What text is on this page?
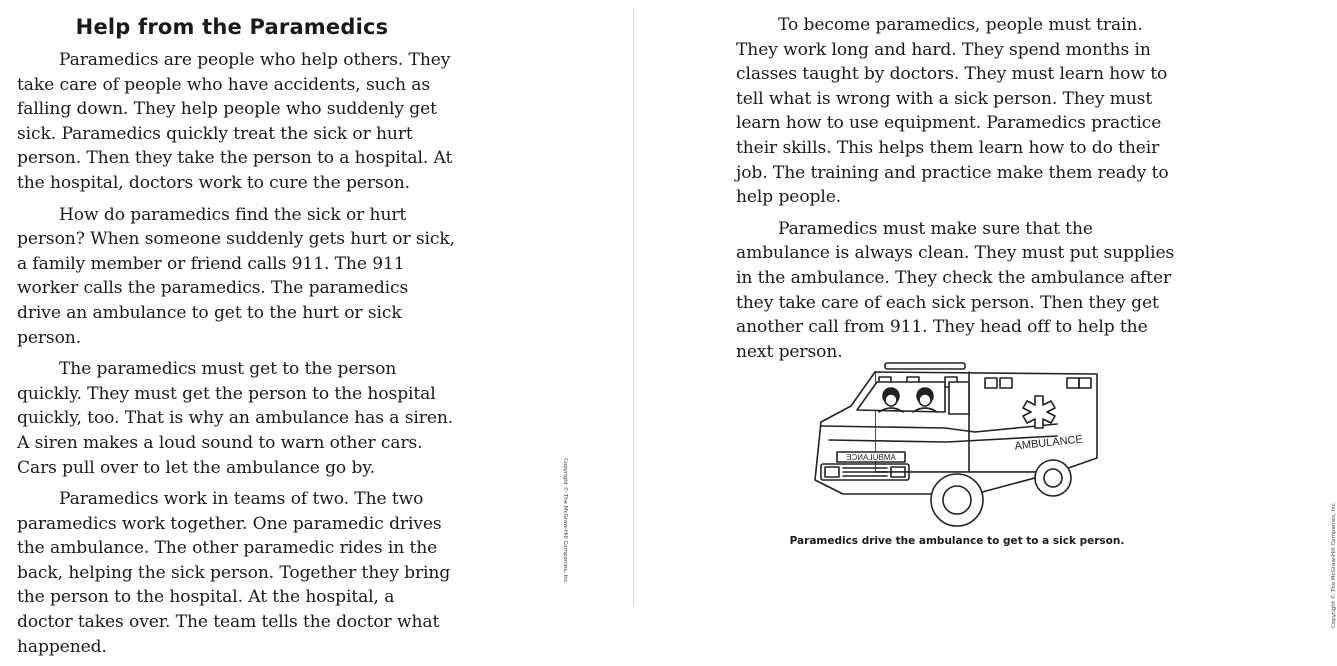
Help from the Paramedics

Paramedics are people who help others. They take care of people who have accidents, such as falling down. They help people who suddenly get sick. Paramedics quickly treat the sick or hurt person. Then they take the person to a hospital. At the hospital, doctors work to cure the person.

How do paramedics find the sick or hurt person? When someone suddenly gets hurt or sick, a family member or friend calls 911. The 911 worker calls the paramedics. The paramedics drive an ambulance to get to the hurt or sick person.

The paramedics must get to the person quickly. They must get the person to the hospital quickly, too. That is why an ambulance has a siren. A siren makes a loud sound to warn other cars. Cars pull over to let the ambulance go by.

Paramedics work in teams of two. The two paramedics work together. One paramedic drives the ambulance. The other paramedic rides in the back, helping the sick person. Together they bring the person to the hospital. At the hospital, a doctor takes over. The team tells the doctor what happened.

Copyright © The McGraw-Hill Companies, Inc.

To become paramedics, people must train. They work long and hard. They spend months in classes taught by doctors. They must learn how to tell what is wrong with a sick person. They must learn how to use equipment. Paramedics practice their skills. This helps them learn how to do their job. The training and practice make them ready to help people.

Paramedics must make sure that the ambulance is always clean. They must put supplies in the ambulance. They check the ambulance after they take care of each sick person. Then they get another call from 911. They head off to help the next person.

ƎƆИA⅃UВMA
AMBULANCE
Paramedics drive the ambulance to get to a sick person.	Copyright © The McGraw-Hill Companies, Inc.
